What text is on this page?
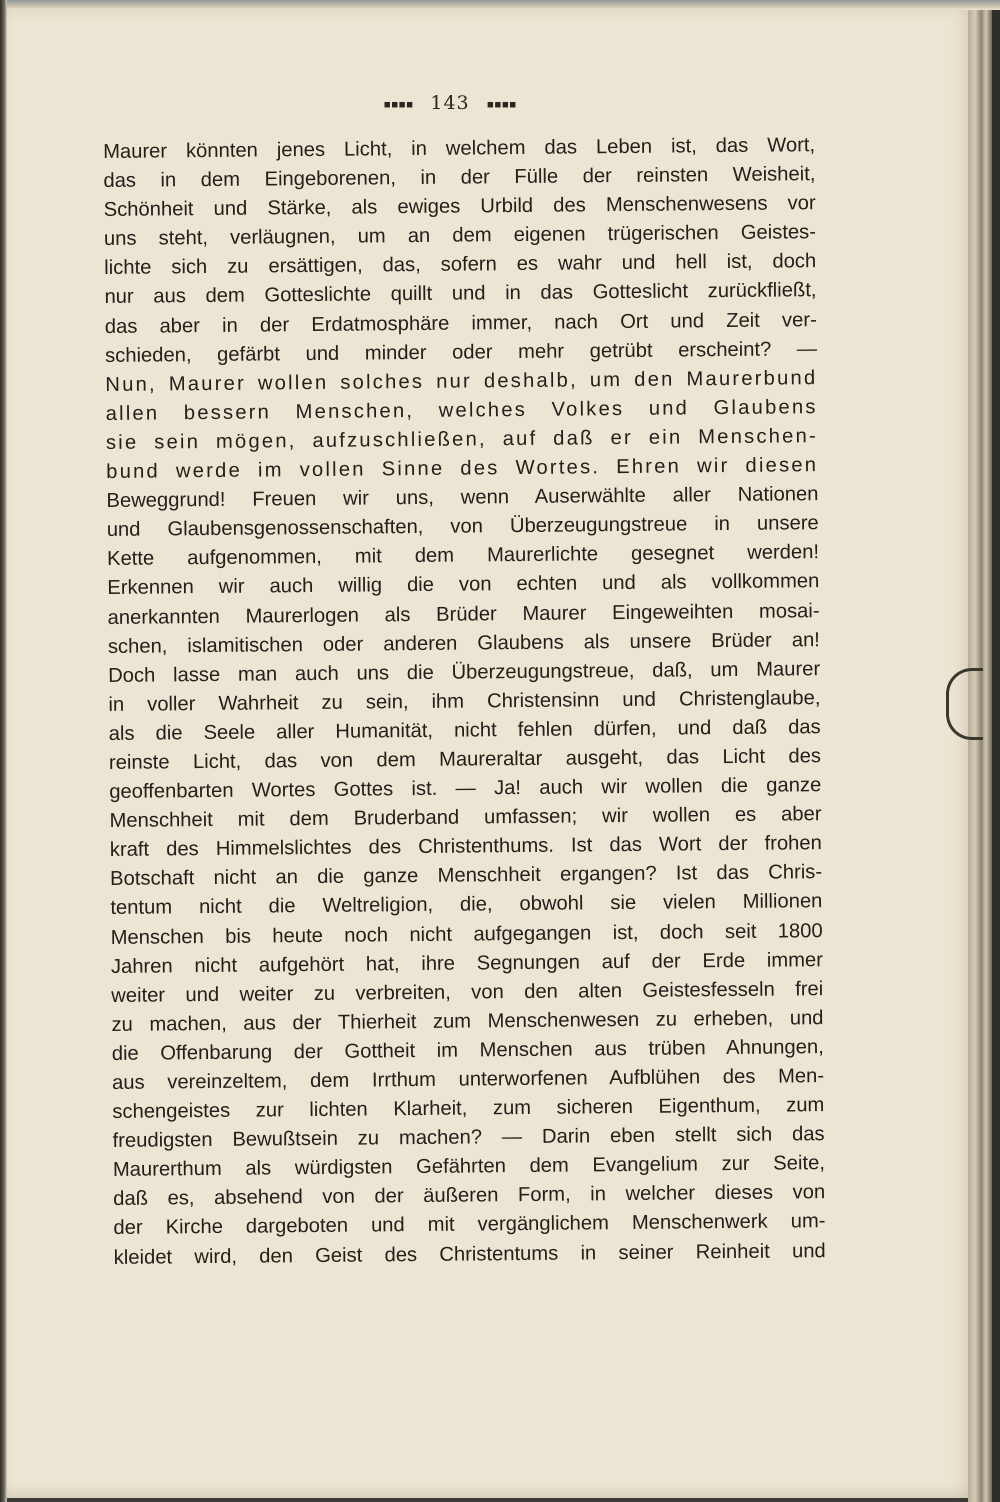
▪▪▪▪ 143 ▪▪▪▪
Maurer könnten jenes Licht, in welchem das Leben ist, das Wort,
das in dem Eingeborenen, in der Fülle der reinsten Weisheit,
Schönheit und Stärke, als ewiges Urbild des Menschenwesens vor
uns steht, verläugnen, um an dem eigenen trügerischen Geistes-
lichte sich zu ersättigen, das, sofern es wahr und hell ist, doch
nur aus dem Gotteslichte quillt und in das Gotteslicht zurückfließt,
das aber in der Erdatmosphäre immer, nach Ort und Zeit ver-
schieden, gefärbt und minder oder mehr getrübt erscheint? —
Nun, Maurer wollen solches nur deshalb, um den Maurerbund
allen bessern Menschen, welches Volkes und Glaubens
sie sein mögen, aufzuschließen, auf daß er ein Menschen-
bund werde im vollen Sinne des Wortes. Ehren wir diesen
Beweggrund! Freuen wir uns, wenn Auserwählte aller Nationen
und Glaubensgenossenschaften, von Überzeugungstreue in unsere
Kette aufgenommen, mit dem Maurerlichte gesegnet werden!
Erkennen wir auch willig die von echten und als vollkommen
anerkannten Maurerlogen als Brüder Maurer Eingeweihten mosai-
schen, islamitischen oder anderen Glaubens als unsere Brüder an!
Doch lasse man auch uns die Überzeugungstreue, daß, um Maurer
in voller Wahrheit zu sein, ihm Christensinn und Christenglaube,
als die Seele aller Humanität, nicht fehlen dürfen, und daß das
reinste Licht, das von dem Maureraltar ausgeht, das Licht des
geoffenbarten Wortes Gottes ist. — Ja! auch wir wollen die ganze
Menschheit mit dem Bruderband umfassen; wir wollen es aber
kraft des Himmelslichtes des Christenthums. Ist das Wort der frohen
Botschaft nicht an die ganze Menschheit ergangen? Ist das Chris-
tentum nicht die Weltreligion, die, obwohl sie vielen Millionen
Menschen bis heute noch nicht aufgegangen ist, doch seit 1800
Jahren nicht aufgehört hat, ihre Segnungen auf der Erde immer
weiter und weiter zu verbreiten, von den alten Geistesfesseln frei
zu machen, aus der Thierheit zum Menschenwesen zu erheben, und
die Offenbarung der Gottheit im Menschen aus trüben Ahnungen,
aus vereinzeltem, dem Irrthum unterworfenen Aufblühen des Men-
schengeistes zur lichten Klarheit, zum sicheren Eigenthum, zum
freudigsten Bewußtsein zu machen? — Darin eben stellt sich das
Maurerthum als würdigsten Gefährten dem Evangelium zur Seite,
daß es, absehend von der äußeren Form, in welcher dieses von
der Kirche dargeboten und mit vergänglichem Menschenwerk um-
kleidet wird, den Geist des Christentums in seiner Reinheit und
